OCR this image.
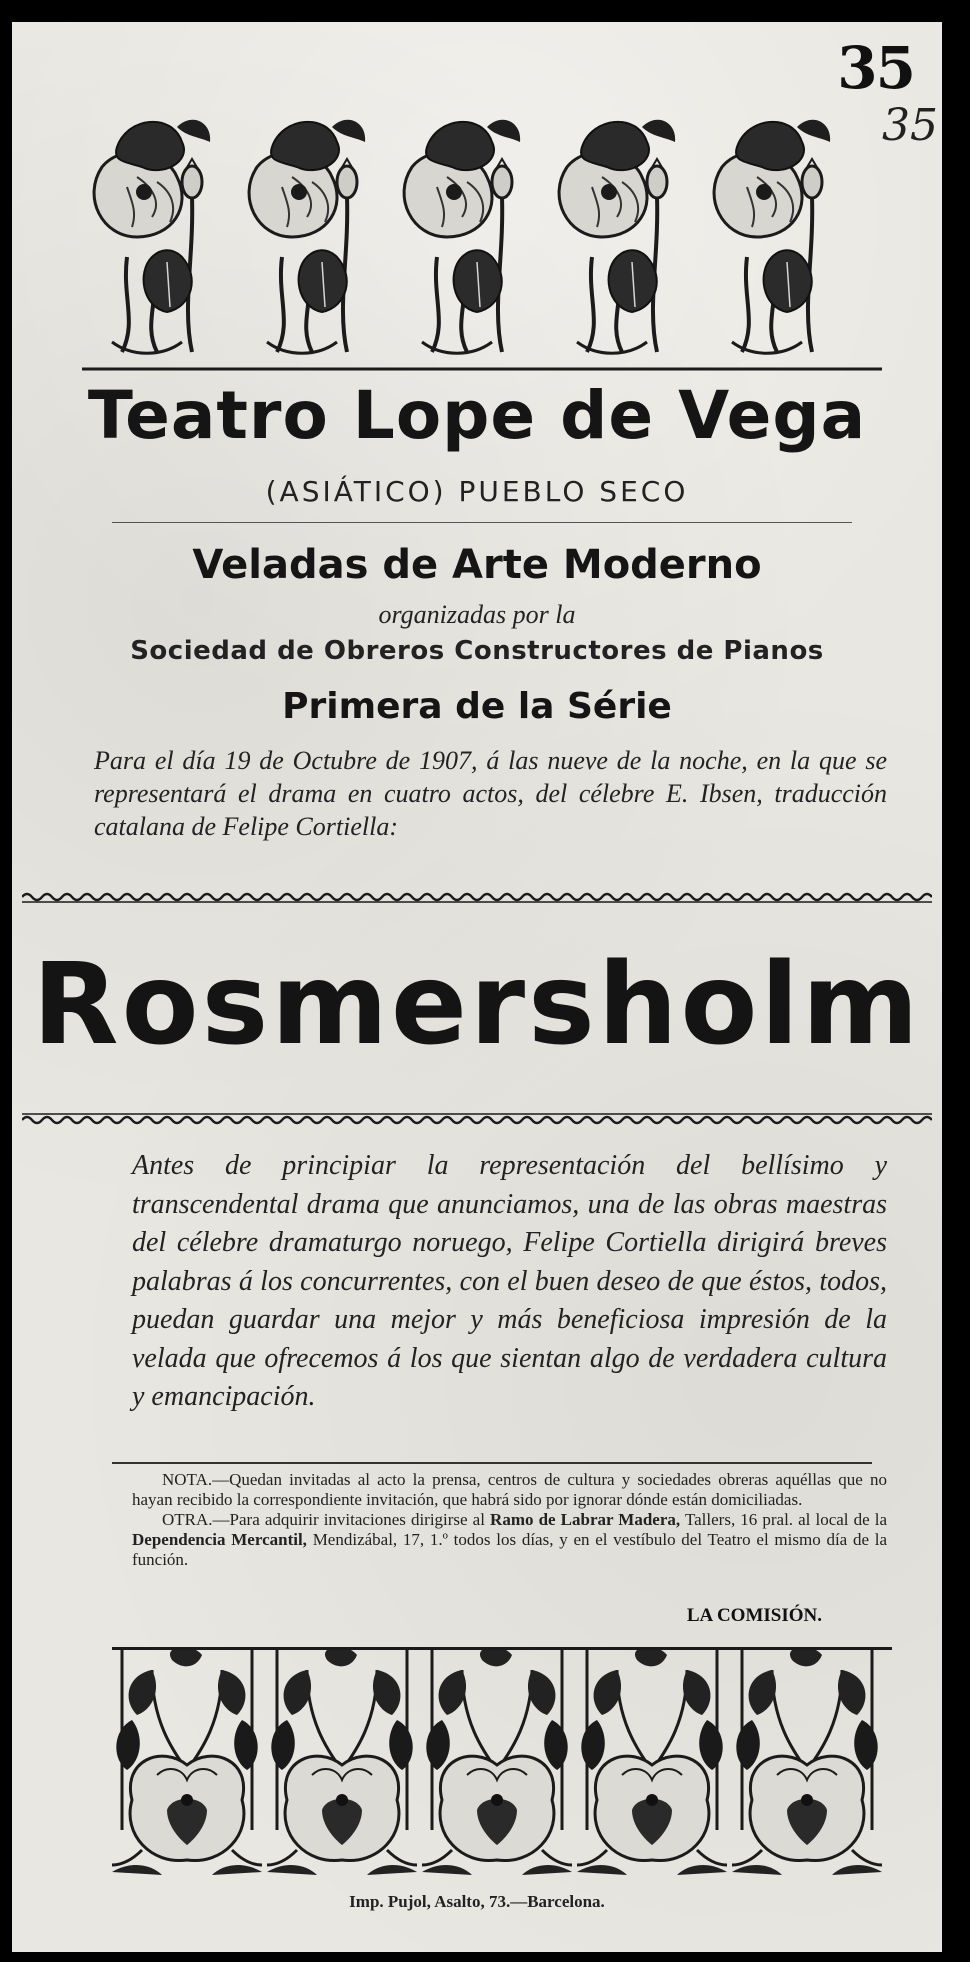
35
35
Teatro Lope de Vega
(ASIÁTICO) PUEBLO SECO
Veladas de Arte Moderno
organizadas por la
Sociedad de Obreros Constructores de Pianos
Primera de la Série
Para el día 19 de Octubre de 1907, á las nueve de la noche, en la que se representará el drama en cuatro actos, del célebre E. Ibsen, traducción catalana de Felipe Cortiella:
Rosmersholm
Antes de principiar la representación del bellísimo y transcendental drama que anunciamos, una de las obras maestras del célebre dramaturgo noruego, Felipe Cortiella dirigirá breves palabras á los concurrentes, con el buen deseo de que éstos, todos, puedan guardar una mejor y más beneficiosa impresión de la velada que ofrecemos á los que sientan algo de verdadera cultura y emancipación.
NOTA.—Quedan invitadas al acto la prensa, centros de cultura y sociedades obreras aquéllas que no hayan recibido la correspondiente invitación, que habrá sido por ignorar dónde están domiciliadas.
OTRA.—Para adquirir invitaciones dirigirse al Ramo de Labrar Madera, Tallers, 16 pral. al local de la Dependencia Mercantil, Mendizábal, 17, 1.º todos los días, y en el vestíbulo del Teatro el mismo día de la función.
LA COMISIÓN.
Imp. Pujol, Asalto, 73.—Barcelona.
